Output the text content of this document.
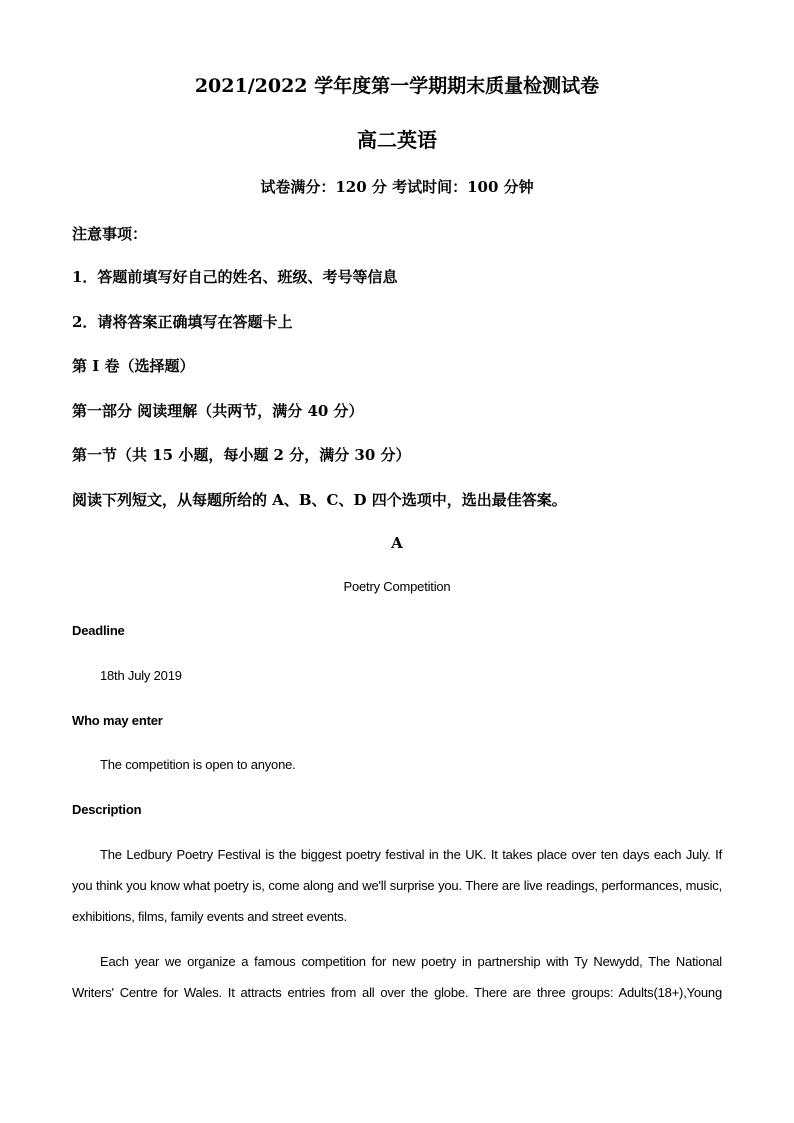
2021/2022 学年度第一学期期末质量检测试卷
高二英语
试卷满分：120 分 考试时间：100 分钟
注意事项：
1．答题前填写好自己的姓名、班级、考号等信息
2．请将答案正确填写在答题卡上
第 I 卷（选择题）
第一部分 阅读理解（共两节，满分 40 分）
第一节（共 15 小题，每小题 2 分，满分 30 分）
阅读下列短文，从每题所给的 A、B、C、D 四个选项中，选出最佳答案。
A
Poetry Competition
Deadline
18th July 2019
Who may enter
The competition is open to anyone.
Description
The Ledbury Poetry Festival is the biggest poetry festival in the UK. It takes place over ten days each July. If
you think you know what poetry is, come along and we'll surprise you. There are live readings, performances, music,
exhibitions, films, family events and street events.
Each year we organize a famous competition for new poetry in partnership with Ty Newydd, The National
Writers' Centre for Wales. It attracts entries from all over the globe. There are three groups: Adults(18+),Young
